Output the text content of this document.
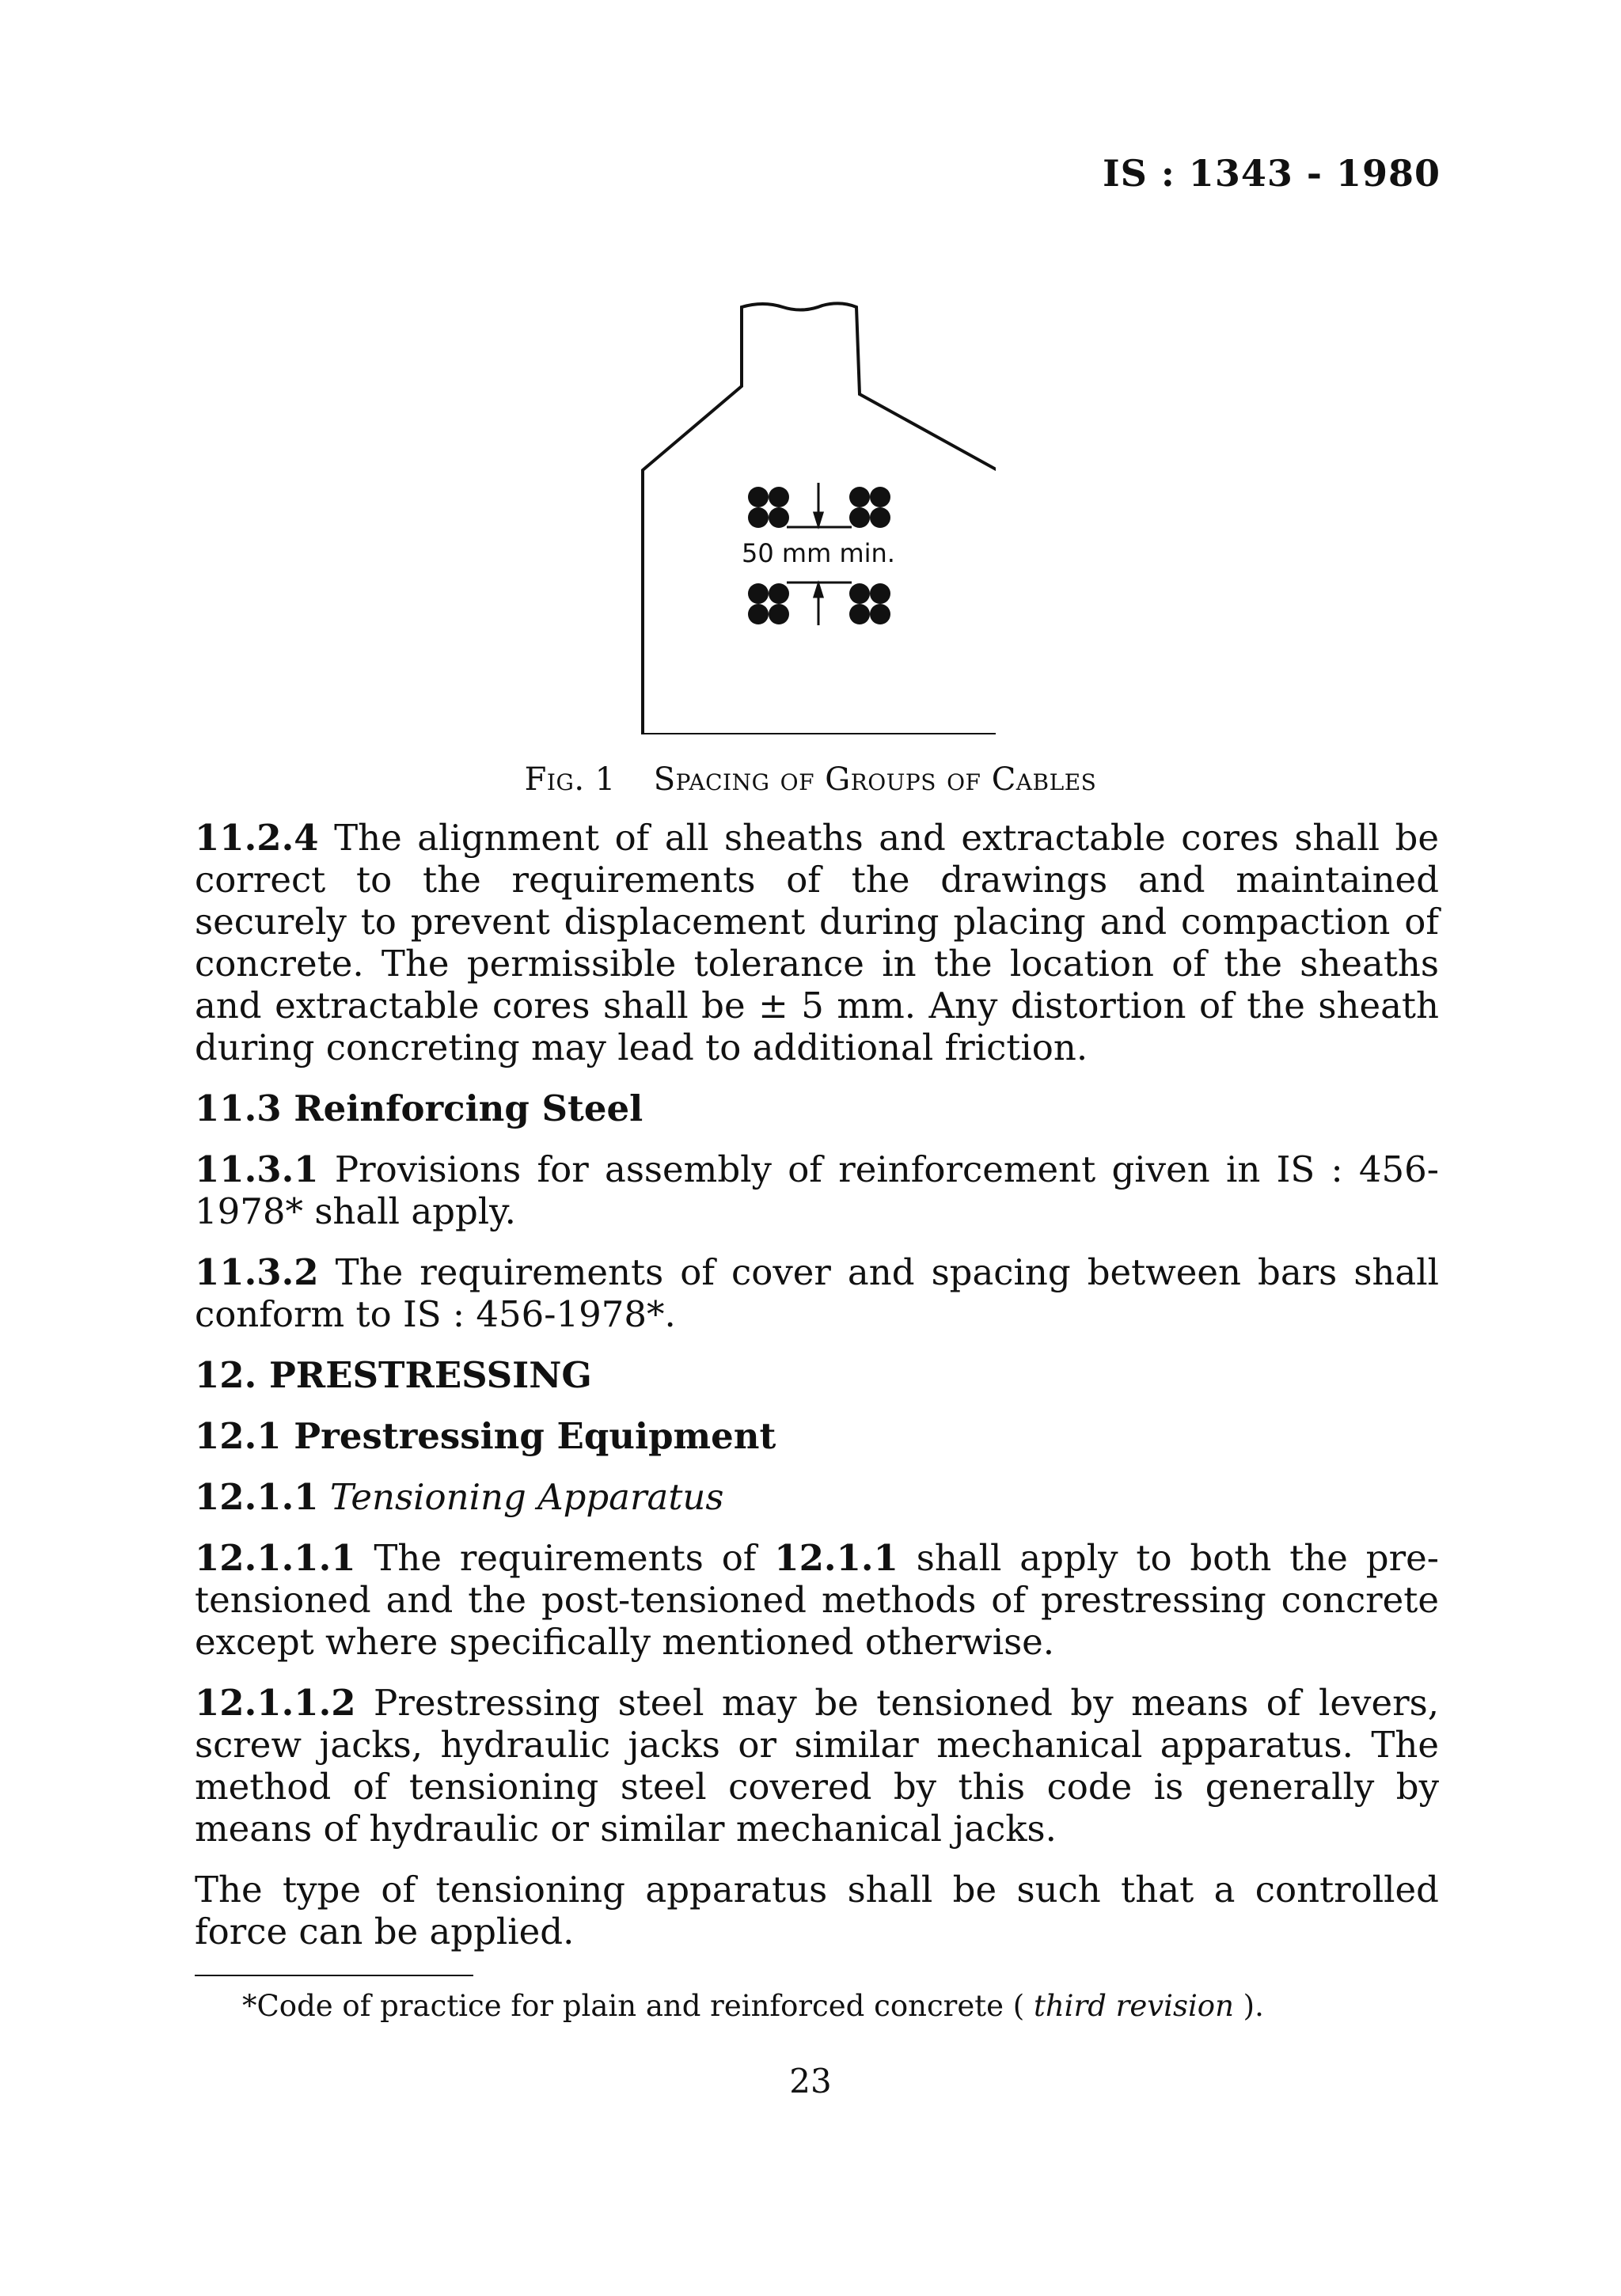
IS : 1343 - 1980
50 mm min.
Fig. 1 Spacing of Groups of Cables

11.2.4 The alignment of all sheaths and extractable cores shall be correct to the requirements of the drawings and maintained securely to prevent displacement during placing and compaction of concrete. The permissible tolerance in the location of the sheaths and extractable cores shall be ± 5 mm. Any distortion of the sheath during concreting may lead to additional friction.

11.3 Reinforcing Steel

11.3.1 Provisions for assembly of reinforcement given in IS : 456-1978* shall apply.

11.3.2 The requirements of cover and spacing between bars shall conform to IS : 456-1978*.

12. PRESTRESSING

12.1 Prestressing Equipment

12.1.1 Tensioning Apparatus

12.1.1.1 The requirements of 12.1.1 shall apply to both the pre-tensioned and the post-tensioned methods of prestressing concrete except where specifically mentioned otherwise.

12.1.1.2 Prestressing steel may be tensioned by means of levers, screw jacks, hydraulic jacks or similar mechanical apparatus. The method of tensioning steel covered by this code is generally by means of hydraulic or similar mechanical jacks.

The type of tensioning apparatus shall be such that a controlled force can be applied.

*Code of practice for plain and reinforced concrete ( third revision ).
23
